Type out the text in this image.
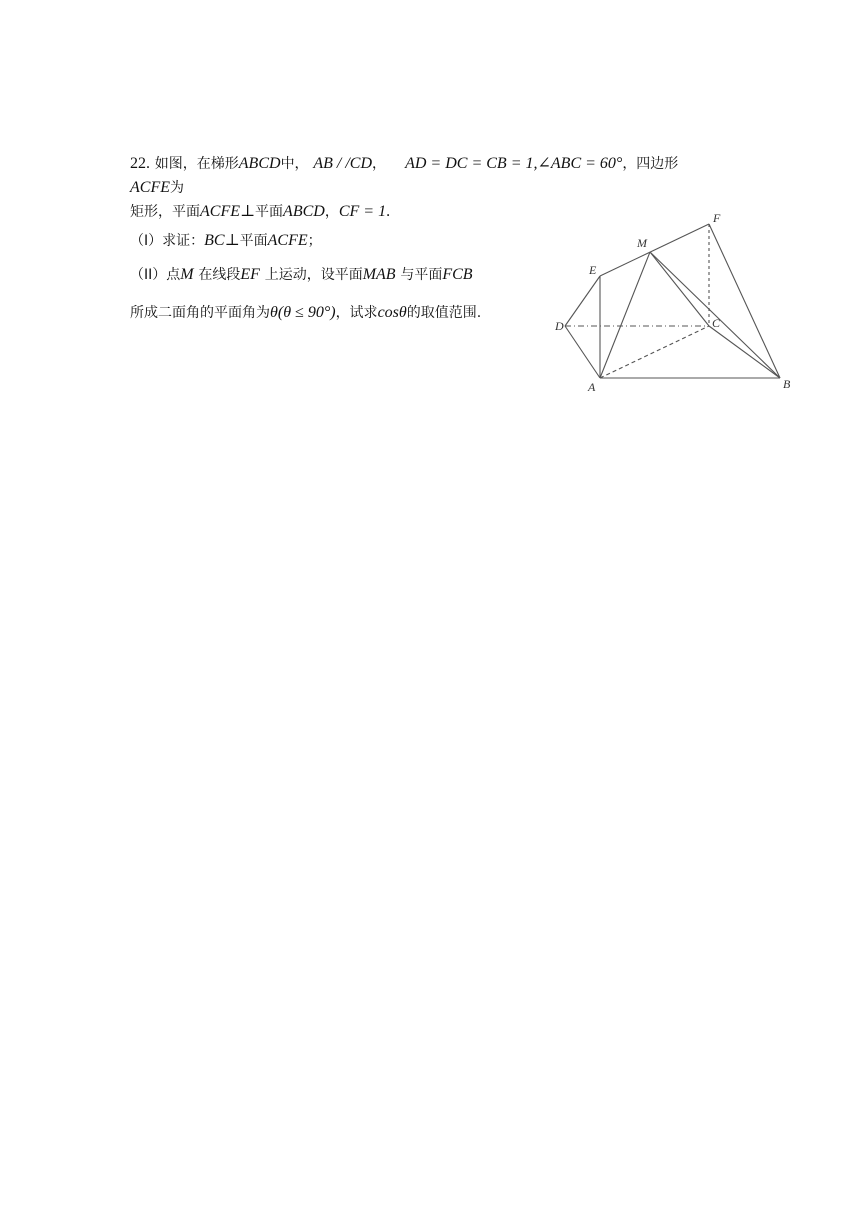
22. 如图，在梯形ABCD中， AB / /CD， AD = DC = CB = 1,∠ABC = 60°，四边形
ACFE为
矩形，平面ACFE⊥平面ABCD，CF = 1.
（I）求证：BC⊥平面ACFE；
（II）点M 在线段EF 上运动，设平面MAB 与平面FCB
所成二面角的平面角为θ(θ ≤ 90°)，试求cosθ的取值范围.
F
M
E
D	C
A	B
